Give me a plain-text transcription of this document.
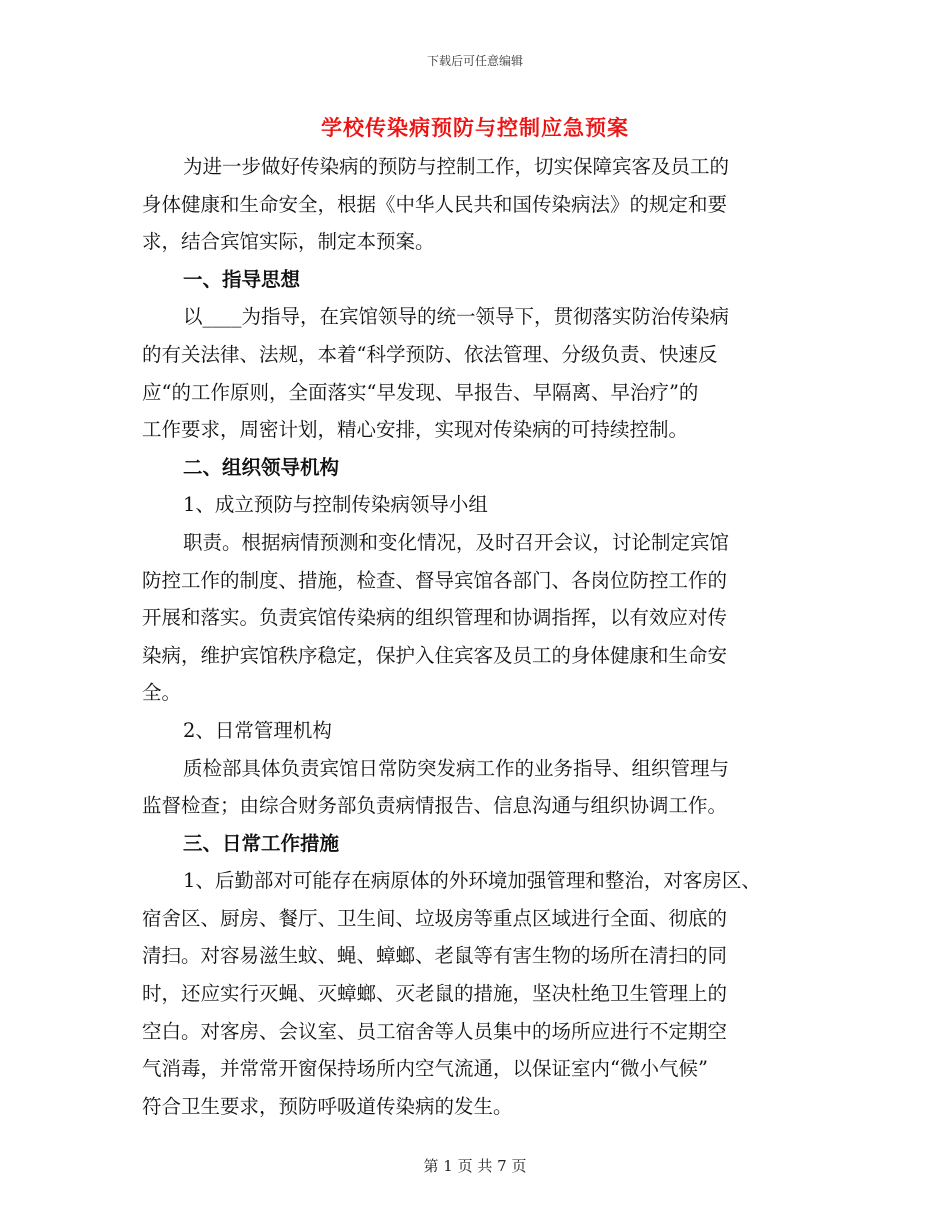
下载后可任意编辑
学校传染病预防与控制应急预案
为进一步做好传染病的预防与控制工作，切实保障宾客及员工的
身体健康和生命安全，根据《中华人民共和国传染病法》的规定和要
求，结合宾馆实际，制定本预案。
一、指导思想
以____为指导，在宾馆领导的统一领导下，贯彻落实防治传染病
的有关法律、法规，本着“科学预防、依法管理、分级负责、快速反
应“的工作原则，全面落实“早发现、早报告、早隔离、早治疗”的
工作要求，周密计划，精心安排，实现对传染病的可持续控制。
二、组织领导机构
1、成立预防与控制传染病领导小组
职责。根据病情预测和变化情况，及时召开会议，讨论制定宾馆
防控工作的制度、措施，检查、督导宾馆各部门、各岗位防控工作的
开展和落实。负责宾馆传染病的组织管理和协调指挥，以有效应对传
染病，维护宾馆秩序稳定，保护入住宾客及员工的身体健康和生命安
全。
2、日常管理机构
质检部具体负责宾馆日常防突发病工作的业务指导、组织管理与
监督检查；由综合财务部负责病情报告、信息沟通与组织协调工作。
三、日常工作措施
1、后勤部对可能存在病原体的外环境加强管理和整治，对客房区、
宿舍区、厨房、餐厅、卫生间、垃圾房等重点区域进行全面、彻底的
清扫。对容易滋生蚊、蝇、蟑螂、老鼠等有害生物的场所在清扫的同
时，还应实行灭蝇、灭蟑螂、灭老鼠的措施，坚决杜绝卫生管理上的
空白。对客房、会议室、员工宿舍等人员集中的场所应进行不定期空
气消毒，并常常开窗保持场所内空气流通，以保证室内“微小气候”
符合卫生要求，预防呼吸道传染病的发生。
第 1 页 共 7 页
